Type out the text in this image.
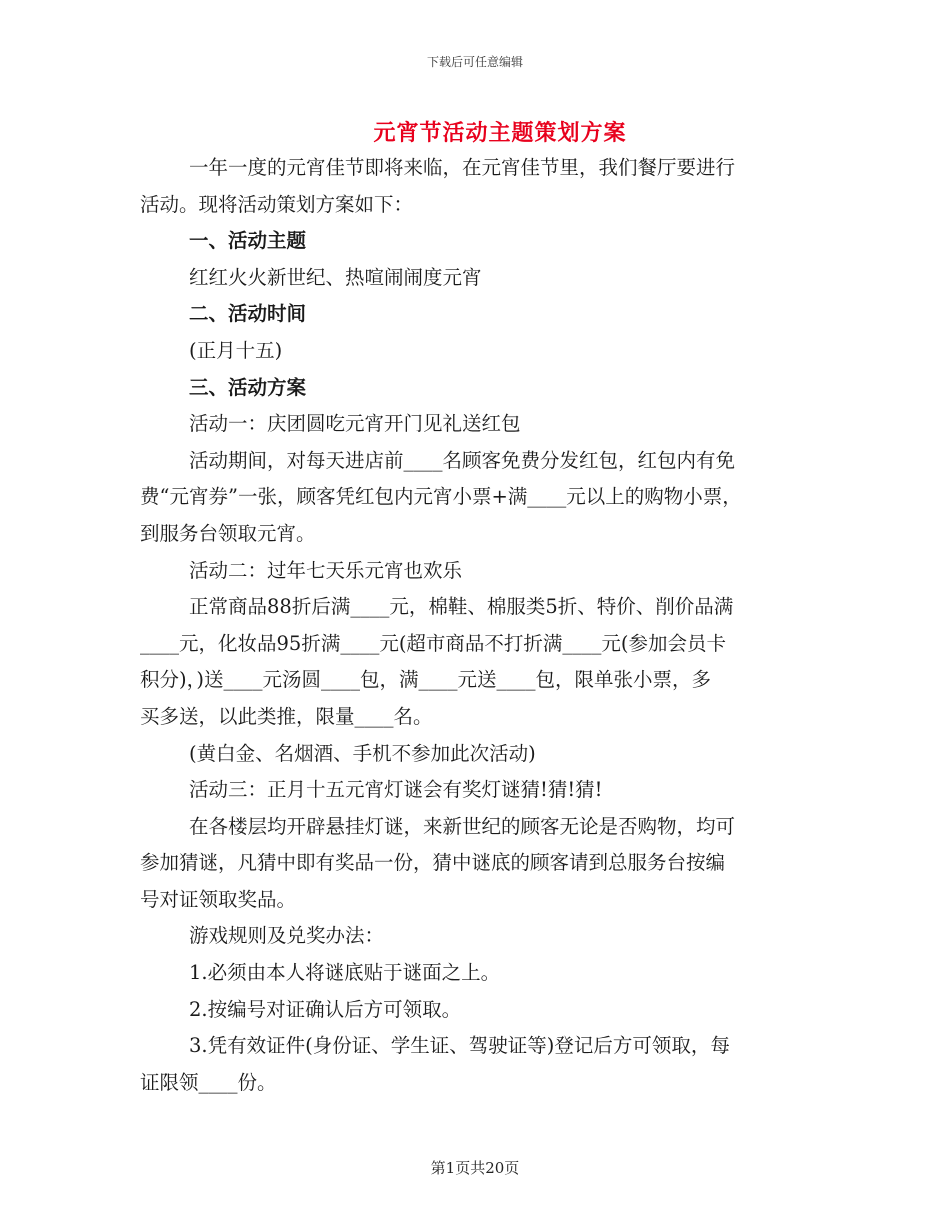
下载后可任意编辑
元宵节活动主题策划方案
一年一度的元宵佳节即将来临，在元宵佳节里，我们餐厅要进行
活动。现将活动策划方案如下：
一、活动主题
红红火火新世纪、热喧闹闹度元宵
二、活动时间
(正月十五)
三、活动方案
活动一：庆团圆吃元宵开门见礼送红包
活动期间，对每天进店前____名顾客免费分发红包，红包内有免
费“元宵券”一张，顾客凭红包内元宵小票+满____元以上的购物小票，
到服务台领取元宵。
活动二：过年七天乐元宵也欢乐
正常商品88折后满____元，棉鞋、棉服类5折、特价、削价品满
____元，化妆品95折满____元(超市商品不打折满____元(参加会员卡
积分)，)送____元汤圆____包，满____元送____包，限单张小票，多
买多送，以此类推，限量____名。
(黄白金、名烟酒、手机不参加此次活动)
活动三：正月十五元宵灯谜会有奖灯谜猜!猜!猜!
在各楼层均开辟悬挂灯谜，来新世纪的顾客无论是否购物，均可
参加猜谜，凡猜中即有奖品一份，猜中谜底的顾客请到总服务台按编
号对证领取奖品。
游戏规则及兑奖办法：
1.必须由本人将谜底贴于谜面之上。
2.按编号对证确认后方可领取。
3.凭有效证件(身份证、学生证、驾驶证等)登记后方可领取，每
证限领____份。
第1页共20页
